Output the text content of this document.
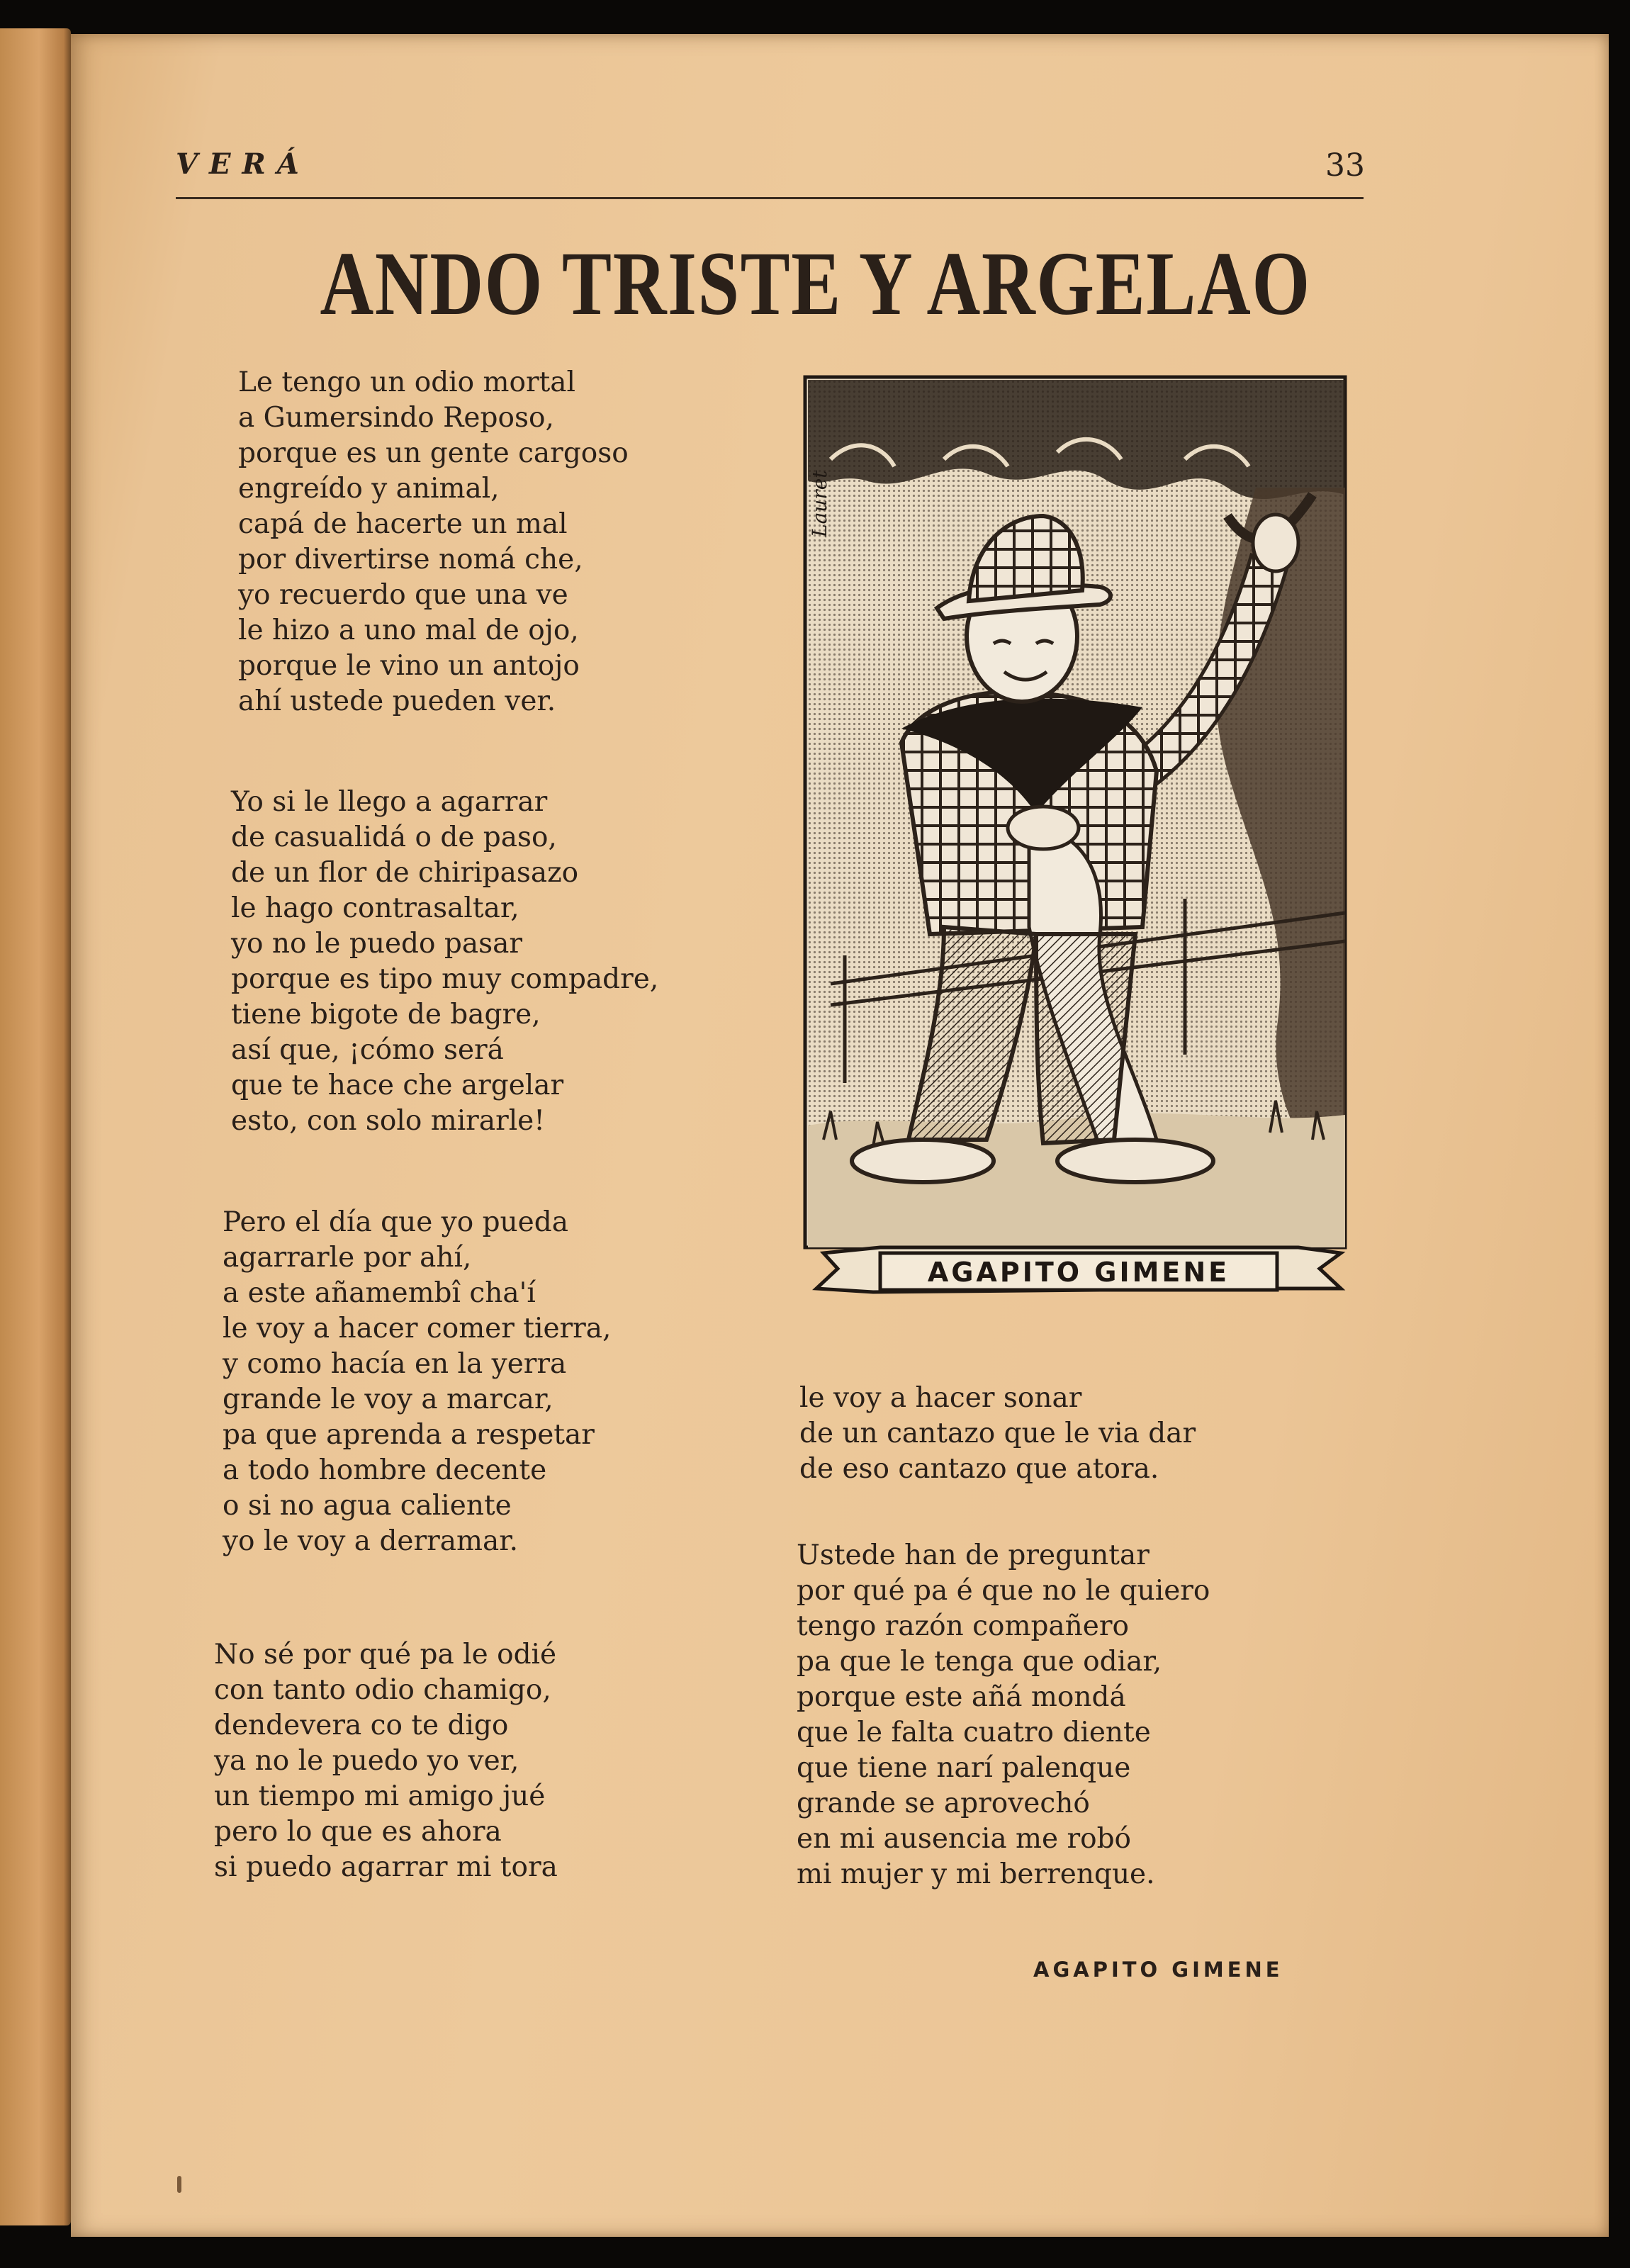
VERÁ	33
ANDO TRISTE Y ARGELAO
Le tengo un odio mortal
a Gumersindo Reposo,
porque es un gente cargoso
engreído y animal,
capá de hacerte un mal
por divertirse nomá che,
yo recuerdo que una ve
le hizo a uno mal de ojo,
porque le vino un antojo
ahí ustede pueden ver.
Yo si le llego a agarrar
de casualidá o de paso,
de un flor de chiripasazo
le hago contrasaltar,
yo no le puedo pasar
porque es tipo muy compadre,
tiene bigote de bagre,
así que, ¡cómo será
que te hace che argelar
esto, con solo mirarle!
Pero el día que yo pueda
agarrarle por ahí,
a este añamembî cha'í
le voy a hacer comer tierra,
y como hacía en la yerra
grande le voy a marcar,
pa que aprenda a respetar
a todo hombre decente
o si no agua caliente
yo le voy a derramar.
No sé por qué pa le odié
con tanto odio chamigo,
dendevera co te digo
ya no le puedo yo ver,
un tiempo mi amigo jué
pero lo que es ahora
si puedo agarrar mi tora
le voy a hacer sonar
de un cantazo que le via dar
de eso cantazo que atora.
Ustede han de preguntar
por qué pa é que no le quiero
tengo razón compañero
pa que le tenga que odiar,
porque este añá mondá
que le falta cuatro diente
que tiene narí palenque
grande se aprovechó
en mi ausencia me robó
mi mujer y mi berrenque.
Lauret
AGAPITO GIMENE
AGAPITO GIMENE
